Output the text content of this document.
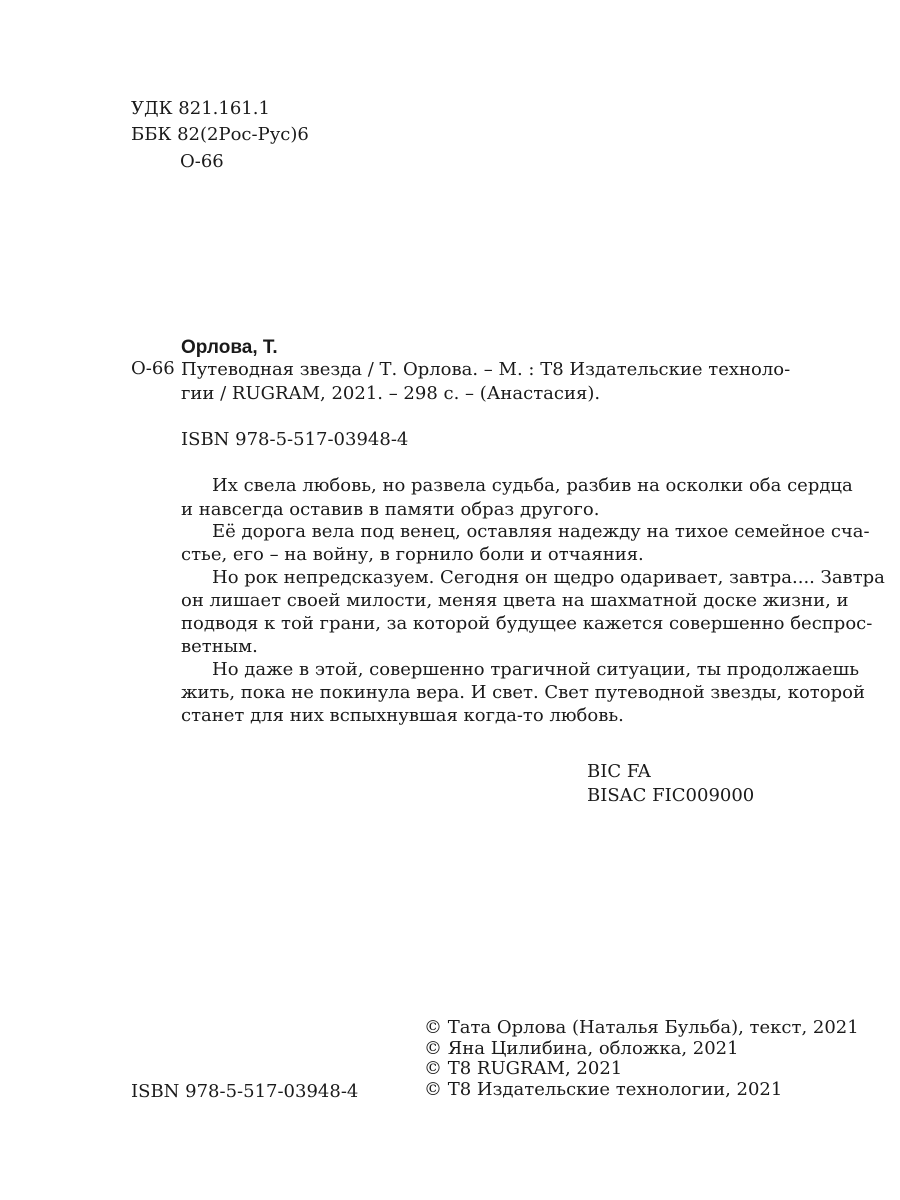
УДК 821.161.1
ББК 82(2Рос-Рус)6
О-66
Орлова, Т.
О-66 Путеводная звезда / Т. Орлова. – М. : Т8 Издательские техноло-
гии / RUGRAM, 2021. – 298 с. – (Анастасия).
ISBN 978-5-517-03948-4
Их свела любовь, но развела судьба, разбив на осколки оба сердца
и навсегда оставив в памяти образ другого.
Её дорога вела под венец, оставляя надежду на тихое семейное сча-
стье, его – на войну, в горнило боли и отчаяния.
Но рок непредсказуем. Сегодня он щедро одаривает, завтра.... Завтра
он лишает своей милости, меняя цвета на шахматной доске жизни, и
подводя к той грани, за которой будущее кажется совершенно беспрос-
ветным.
Но даже в этой, совершенно трагичной ситуации, ты продолжаешь
жить, пока не покинула вера. И свет. Свет путеводной звезды, которой
станет для них вспыхнувшая когда-то любовь.
BIC FA
BISAC FIC009000
ISBN 978-5-517-03948-4
© Тата Орлова (Наталья Бульба), текст, 2021
© Яна Цилибина, обложка, 2021
© Т8 RUGRAM, 2021
© Т8 Издательские технологии, 2021
